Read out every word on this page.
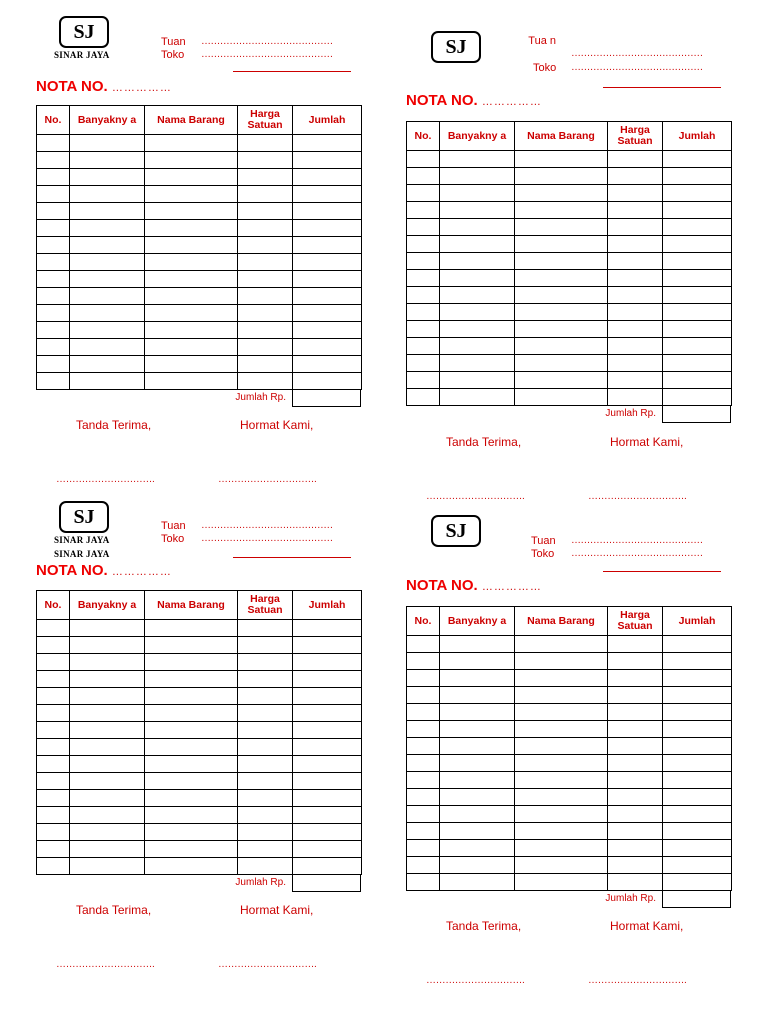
SJ
SINAR JAYA
Tuan ……………………………………
Toko ……………………………………
NOTA NO. ……………
No.	Banyakny a	Nama Barang	Harga Satuan	Jumlah

Jumlah Rp.
Tanda Terima,	Hormat Kami,
………………………….	………………………….
SJ	Tua n
……………………………………
Toko ……………………………………
NOTA NO. ……………
No.	Banyakny a	Nama Barang	Harga Satuan	Jumlah

Jumlah Rp.
Tanda Terima,	Hormat Kami,
………………………….	………………………….
SJ
SINAR JAYA
SINAR JAYA
Tuan ……………………………………
Toko ……………………………………
NOTA NO. ……………
No.	Banyakny a	Nama Barang	Harga Satuan	Jumlah

Jumlah Rp.
Tanda Terima,	Hormat Kami,
………………………….	………………………….
SJ	Tuan ……………………………………
Toko ……………………………………
NOTA NO. ……………
No.	Banyakny a	Nama Barang	Harga Satuan	Jumlah

Jumlah Rp.
Tanda Terima,	Hormat Kami,
………………………….	………………………….
